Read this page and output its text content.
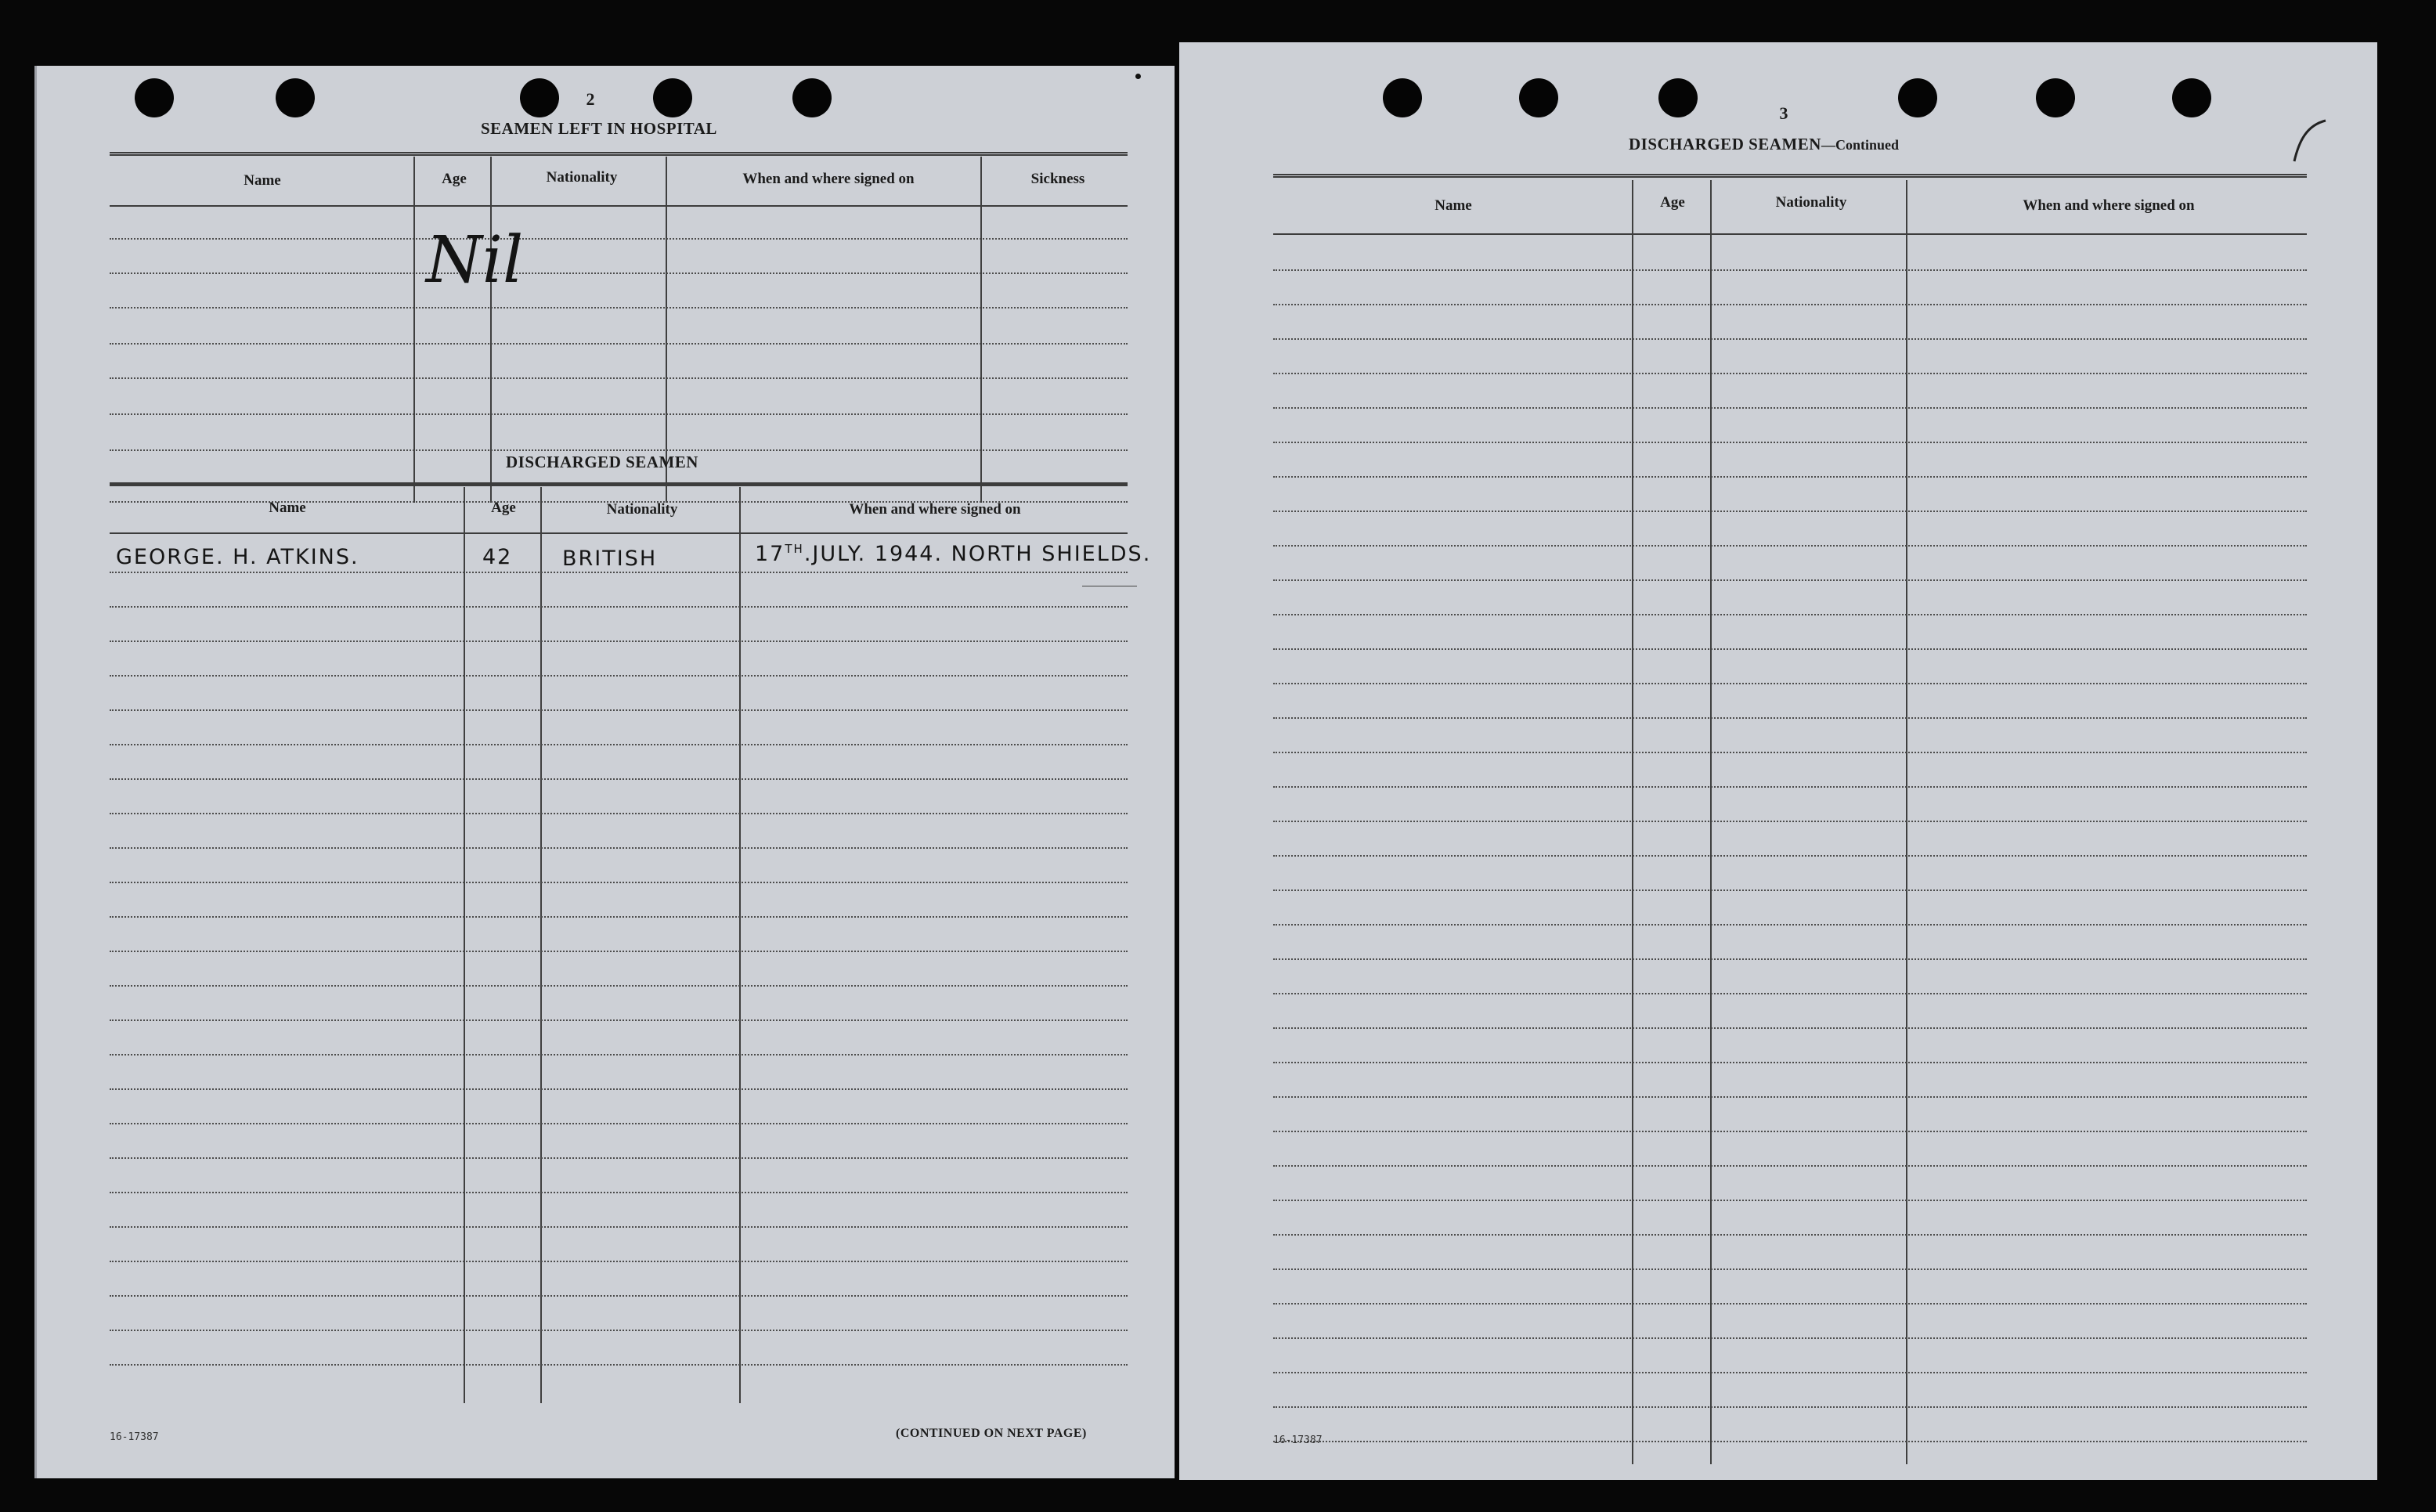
2
SEAMEN LEFT IN HOSPITAL
Name	Age	Nationality	When and where signed on	Sickness
Nil
DISCHARGED SEAMEN
Name	Age	Nationality	When and where signed on
GEORGE. H. ATKINS.	42 BRITISH	17TH.JULY. 1944. NORTH SHIELDS.
16-17387	(CONTINUED ON NEXT PAGE)
3
DISCHARGED SEAMEN—Continued
Name	Age	Nationality	When and where signed on
16-17387
